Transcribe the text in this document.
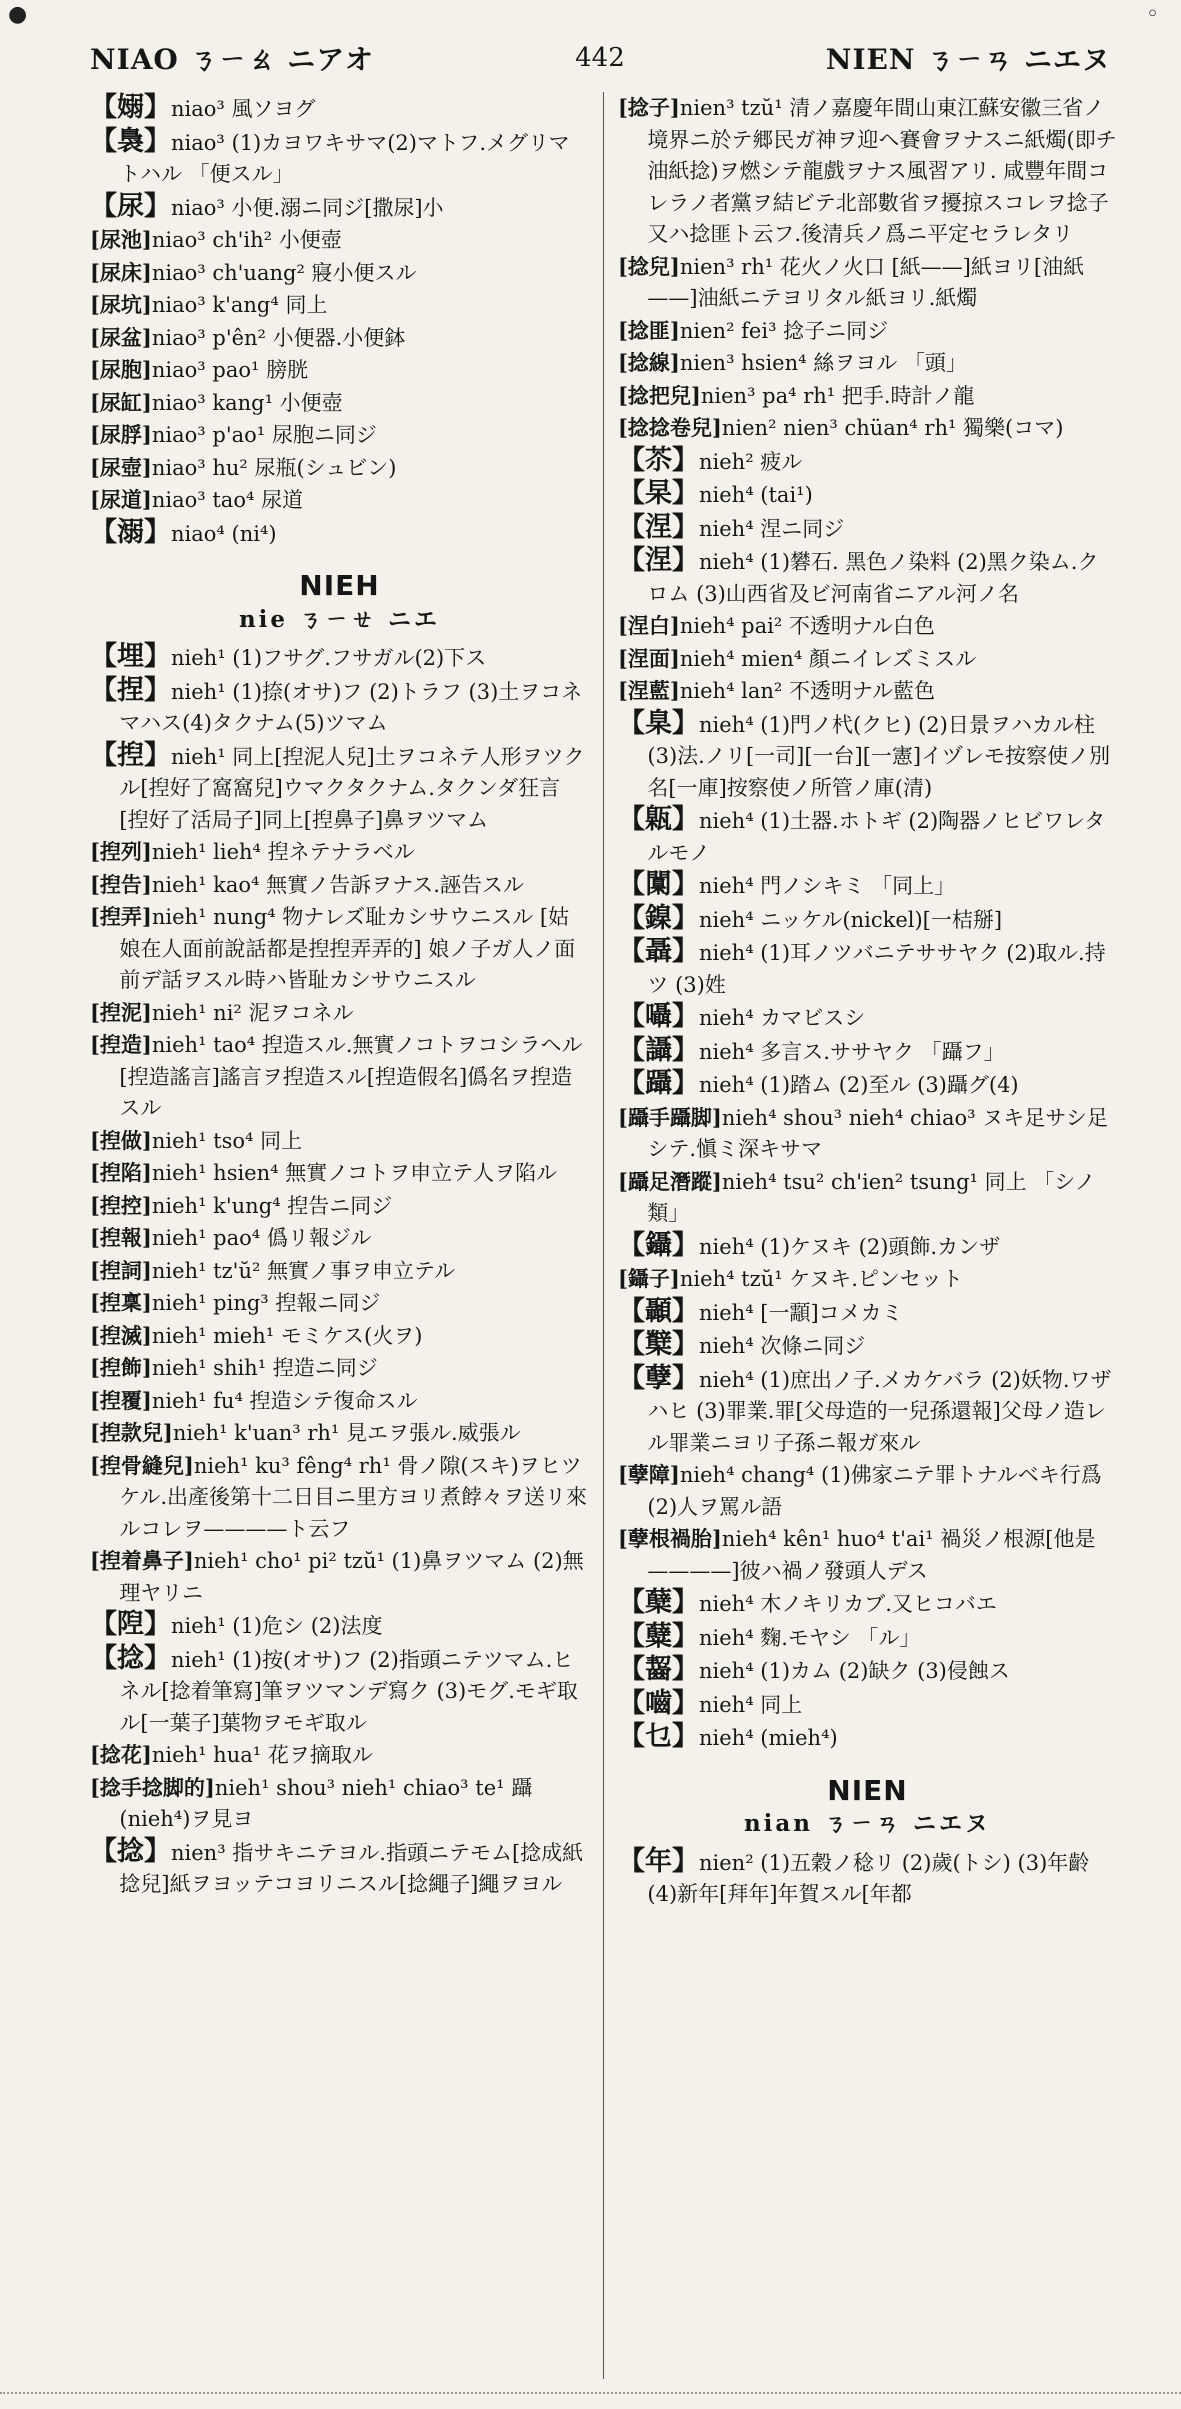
●	◦
NIAO ㄋㄧㄠ ニアオ	442	NIEN ㄋㄧㄢ ニエヌ

【嫋】niao³ 風ソヨグ

【裊】niao³ (1)カヨワキサマ(2)マトフ.メグリマトハル 「便スル」

【尿】niao³ 小便.溺ニ同ジ[撒尿]小

[尿池]niao³ ch'ih² 小便壺

[尿床]niao³ ch'uang² 寢小便スル

[尿坑]niao³ k'ang⁴ 同上

[尿盆]niao³ p'ên² 小便器.小便鉢

[尿胞]niao³ pao¹ 膀胱

[尿缸]niao³ kang¹ 小便壺

[尿脬]niao³ p'ao¹ 尿胞ニ同ジ

[尿壺]niao³ hu² 尿瓶(シュビン)

[尿道]niao³ tao⁴ 尿道

【溺】niao⁴ (ni⁴)

NIEH
nie ㄋㄧㄝ ニエ

【埋】nieh¹ (1)フサグ.フサガル(2)下ス

【捏】nieh¹ (1)捺(オサ)フ (2)トラフ (3)土ヲコネマハス(4)タクナム(5)ツマム

【揑】nieh¹ 同上[揑泥人兒]土ヲコネテ人形ヲツクル[揑好了窩窩兒]ウマクタクナム.タクンダ狂言[揑好了活局子]同上[揑鼻子]鼻ヲツマム

[揑列]nieh¹ lieh⁴ 揑ネテナラベル

[揑告]nieh¹ kao⁴ 無實ノ告訴ヲナス.誣告スル

[揑弄]nieh¹ nung⁴ 物ナレズ耻カシサウニスル [姑娘在人面前說話都是揑揑弄弄的] 娘ノ子ガ人ノ面前デ話ヲスル時ハ皆耻カシサウニスル

[揑泥]nieh¹ ni² 泥ヲコネル

[揑造]nieh¹ tao⁴ 揑造スル.無實ノコトヲコシラヘル[揑造謠言]謠言ヲ揑造スル[揑造假名]僞名ヲ揑造スル

[揑做]nieh¹ tso⁴ 同上

[揑陷]nieh¹ hsien⁴ 無實ノコトヲ申立テ人ヲ陷ル

[揑控]nieh¹ k'ung⁴ 揑告ニ同ジ

[揑報]nieh¹ pao⁴ 僞リ報ジル

[揑詞]nieh¹ tz'ŭ² 無實ノ事ヲ申立テル

[揑稟]nieh¹ ping³ 揑報ニ同ジ

[揑滅]nieh¹ mieh¹ モミケス(火ヲ)

[揑飾]nieh¹ shih¹ 揑造ニ同ジ

[揑覆]nieh¹ fu⁴ 揑造シテ復命スル

[揑款兒]nieh¹ k'uan³ rh¹ 見エヲ張ル.威張ル

[揑骨縫兒]nieh¹ ku³ fêng⁴ rh¹ 骨ノ隙(スキ)ヲヒツケル.出產後第十二日目ニ里方ヨリ煮餑々ヲ送リ來ルコレヲ————ト云フ

[揑着鼻子]nieh¹ cho¹ pi² tzŭ¹ (1)鼻ヲツマム (2)無理ヤリニ

【隉】nieh¹ (1)危シ (2)法度

【捻】nieh¹ (1)按(オサ)フ (2)指頭ニテツマム.ヒネル[捻着筆寫]筆ヲツマンデ寫ク (3)モグ.モギ取ル[一葉子]葉物ヲモギ取ル

[捻花]nieh¹ hua¹ 花ヲ摘取ル

[捻手捻脚的]nieh¹ shou³ nieh¹ chiao³ te¹ 躡(nieh⁴)ヲ見ヨ

【捻】nien³ 指サキニテヨル.指頭ニテモム[捻成紙捻兒]紙ヲヨッテコヨリニスル[捻繩子]繩ヲヨル

[捻子]nien³ tzŭ¹ 清ノ嘉慶年間山東江蘇安徽三省ノ境界ニ於テ郷民ガ神ヲ迎ヘ賽會ヲナスニ紙燭(即チ油紙捻)ヲ燃シテ龍戲ヲナス風習アリ. 咸豐年間コレラノ者黨ヲ結ビテ北部數省ヲ擾掠スコレヲ捻子又ハ捻匪ト云フ.後清兵ノ爲ニ平定セラレタリ

[捻兒]nien³ rh¹ 花火ノ火口 [紙——]紙ヨリ[油紙——]油紙ニテヨリタル紙ヨリ.紙燭

[捻匪]nien² fei³ 捻子ニ同ジ

[捻線]nien³ hsien⁴ 絲ヲヨル 「頭」

[捻把兒]nien³ pa⁴ rh¹ 把手.時計ノ龍

[捻捻卷兒]nien² nien³ chüan⁴ rh¹ 獨樂(コマ)

【苶】nieh² 疲ル

【杲】nieh⁴ (tai¹)

【涅】nieh⁴ 涅ニ同ジ

【涅】nieh⁴ (1)礬石. 黑色ノ染料 (2)黑ク染ム.クロム (3)山西省及ビ河南省ニアル河ノ名

[涅白]nieh⁴ pai² 不透明ナル白色

[涅面]nieh⁴ mien⁴ 顏ニイレズミスル

[涅藍]nieh⁴ lan² 不透明ナル藍色

【臬】nieh⁴ (1)門ノ杙(クヒ) (2)日景ヲハカル柱 (3)法.ノリ[一司][一台][一憲]イヅレモ按察使ノ別名[一庫]按察使ノ所管ノ庫(清)

【甈】nieh⁴ (1)土器.ホトギ (2)陶器ノヒビワレタルモノ

【闑】nieh⁴ 門ノシキミ 「同上」

【鎳】nieh⁴ ニッケル(nickel)[一桔掰]

【聶】nieh⁴ (1)耳ノツバニテササヤク (2)取ル.持ツ (3)姓

【囁】nieh⁴ カマビスシ

【讘】nieh⁴ 多言ス.ササヤク 「躡フ」

【躡】nieh⁴ (1)踏ム (2)至ル (3)躡グ(4)

[躡手躡脚]nieh⁴ shou³ nieh⁴ chiao³ ヌキ足サシ足シテ.愼ミ深キサマ

[躡足潛蹤]nieh⁴ tsu² ch'ien² tsung¹ 同上 「シノ類」

【鑷】nieh⁴ (1)ケヌキ (2)頭飾.カンザ

[鑷子]nieh⁴ tzŭ¹ ケヌキ.ピンセット

【顳】nieh⁴ [一顬]コメカミ

【櫱】nieh⁴ 次條ニ同ジ

【孽】nieh⁴ (1)庶出ノ子.メカケバラ (2)妖物.ワザハヒ (3)罪業.罪[父母造的一兒孫還報]父母ノ造レル罪業ニヨリ子孫ニ報ガ來ル

[孽障]nieh⁴ chang⁴ (1)佛家ニテ罪トナルベキ行爲 (2)人ヲ罵ル語

[孽根禍胎]nieh⁴ kên¹ huo⁴ t'ai¹ 禍災ノ根源[他是————]彼ハ禍ノ發頭人デス

【蘖】nieh⁴ 木ノキリカブ.又ヒコバエ

【糵】nieh⁴ 麴.モヤシ 「ル」

【齧】nieh⁴ (1)カム (2)缺ク (3)侵蝕ス

【嚙】nieh⁴ 同上

【乜】nieh⁴ (mieh⁴)

NIEN
nian ㄋㄧㄢ ニエヌ

【年】nien² (1)五穀ノ稔リ (2)歲(トシ) (3)年齡 (4)新年[拜年]年賀スル[年都
